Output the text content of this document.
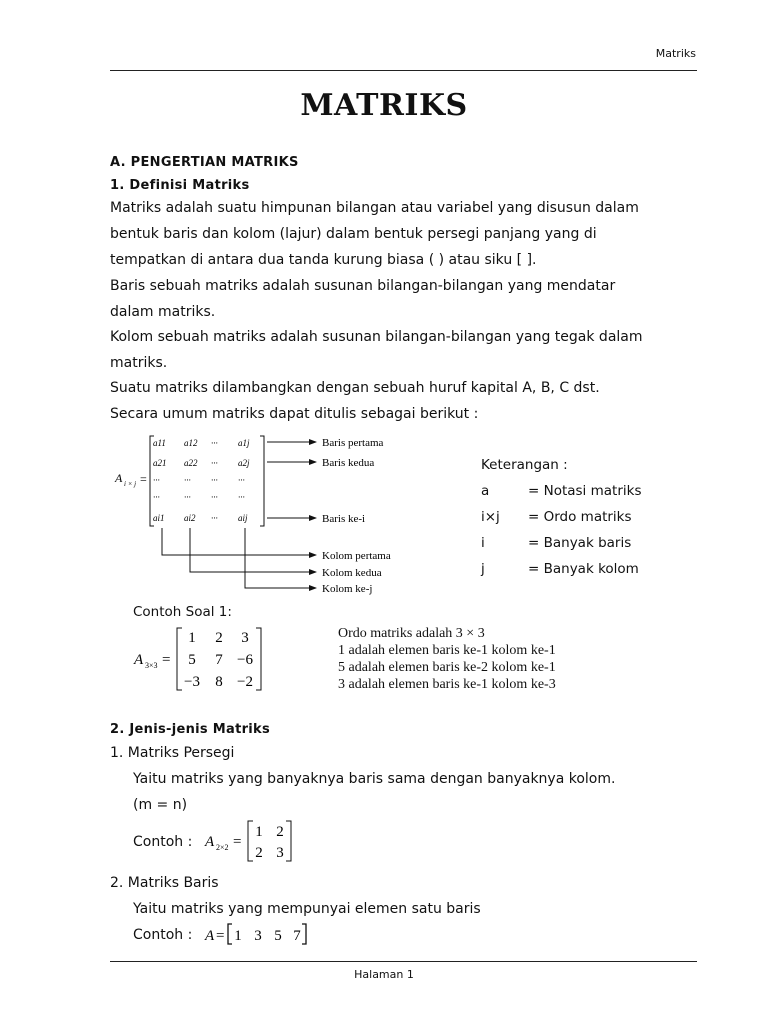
Matriks
MATRIKS
A. PENGERTIAN MATRIKS
1. Definisi Matriks
Matriks adalah suatu himpunan bilangan atau variabel yang disusun dalam
bentuk baris dan kolom (lajur) dalam bentuk persegi panjang yang di
tempatkan di antara dua tanda kurung biasa ( ) atau siku [ ].
Baris sebuah matriks adalah susunan bilangan-bilangan yang mendatar
dalam matriks.
Kolom sebuah matriks adalah susunan bilangan-bilangan yang tegak dalam
matriks.
Suatu matriks dilambangkan dengan sebuah huruf kapital A, B, C dst.
Secara umum matriks dapat ditulis sebagai berikut :
A i × j =
a11 a12 ··· a1j
a21 a22 ··· a2j
···	··· ··· ···
···	··· ··· ···
ai1 ai2 ··· aij
Baris pertama
Baris kedua
Baris ke-i
Kolom pertama
Kolom kedua
Kolom ke-j
Keterangan :
a	= Notasi matriks
i×j = Ordo matriks
i	= Banyak baris
j	= Banyak kolom
Contoh Soal 1:
A 3×3 =
1 2 3
5 7 −6
−3 8 −2
Ordo matriks adalah 3 × 3
1 adalah elemen baris ke-1 kolom ke-1
5 adalah elemen baris ke-2 kolom ke-1
3 adalah elemen baris ke-1 kolom ke-3
2. Jenis-jenis Matriks
1. Matriks Persegi
Yaitu matriks yang banyaknya baris sama dengan banyaknya kolom.
(m = n)
Contoh : A 2×2 =
1 2
2 3
2. Matriks Baris
Yaitu matriks yang mempunyai elemen satu baris
Contoh : A = 1 3 5 7
Halaman 1
